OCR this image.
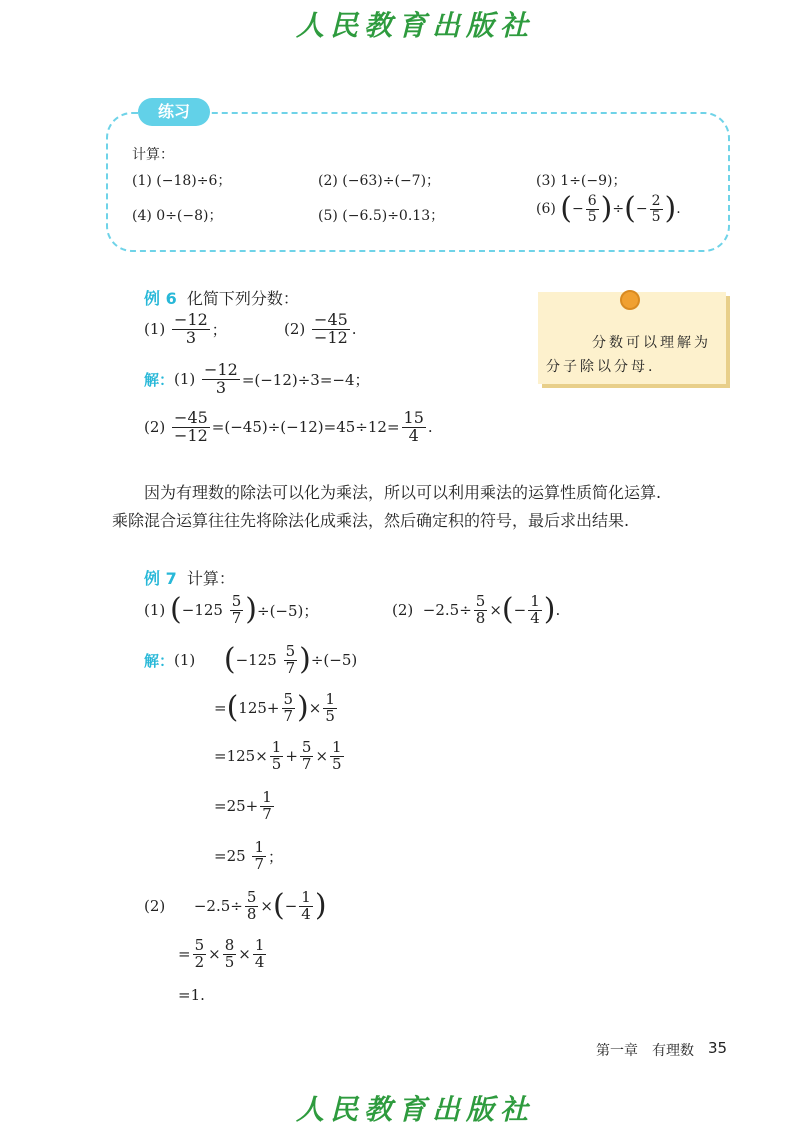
人民教育出版社
练习
计算：
(1) (−18)÷6；	(2) (−63)÷(−7)；	(3) 1÷(−9)；
(4) 0÷(−8)；	(5) (−6.5)÷0.13；	(6)
( − $\frac{6}{5}$ ) ÷ ( − $\frac{2}{5}$ ) .
例 6 化简下列分数：
(1)
$\frac{-12}{3}$ ；	(2)
$\frac{-45}{-12}$ .
解： (1)
$\frac{-12}{3} =(-12)\div 3=-4$；
(2)
$\frac{-45}{-12} =(-45)\div(-12)=45\div 12= \frac{15}{4}$ .
分数可以理解为
分子除以分母.
因为有理数的除法可以化为乘法，所以可以利用乘法的运算性质简化运算.
乘除混合运算往往先将除法化成乘法，然后确定积的符号，最后求出结果.
例 7 计算：
(1)
( −125
$\frac{5}{7}$ ) ÷(−5)；	(2)
$-2.5\div \frac{5}{8}$ × ( − $\frac{1}{4}$ ) .
解： (1)
( −125
$\frac{5}{7}$ ) ÷(−5)
= ( $125+ \frac{5}{7}$ ) × $\frac{1}{5}$
$=125\times \frac{1}{5} + \frac{5}{7} \times \frac{1}{5}$
$=25+ \frac{1}{7}$
=25
$\frac{1}{7}$ ；
(2)
$-2.5\div \frac{5}{8}$ × ( − $\frac{1}{4}$ )
= $\frac{5}{2} \times \frac{8}{5} \times \frac{1}{4}$
=1.
第一章　有理数 35
人民教育出版社
